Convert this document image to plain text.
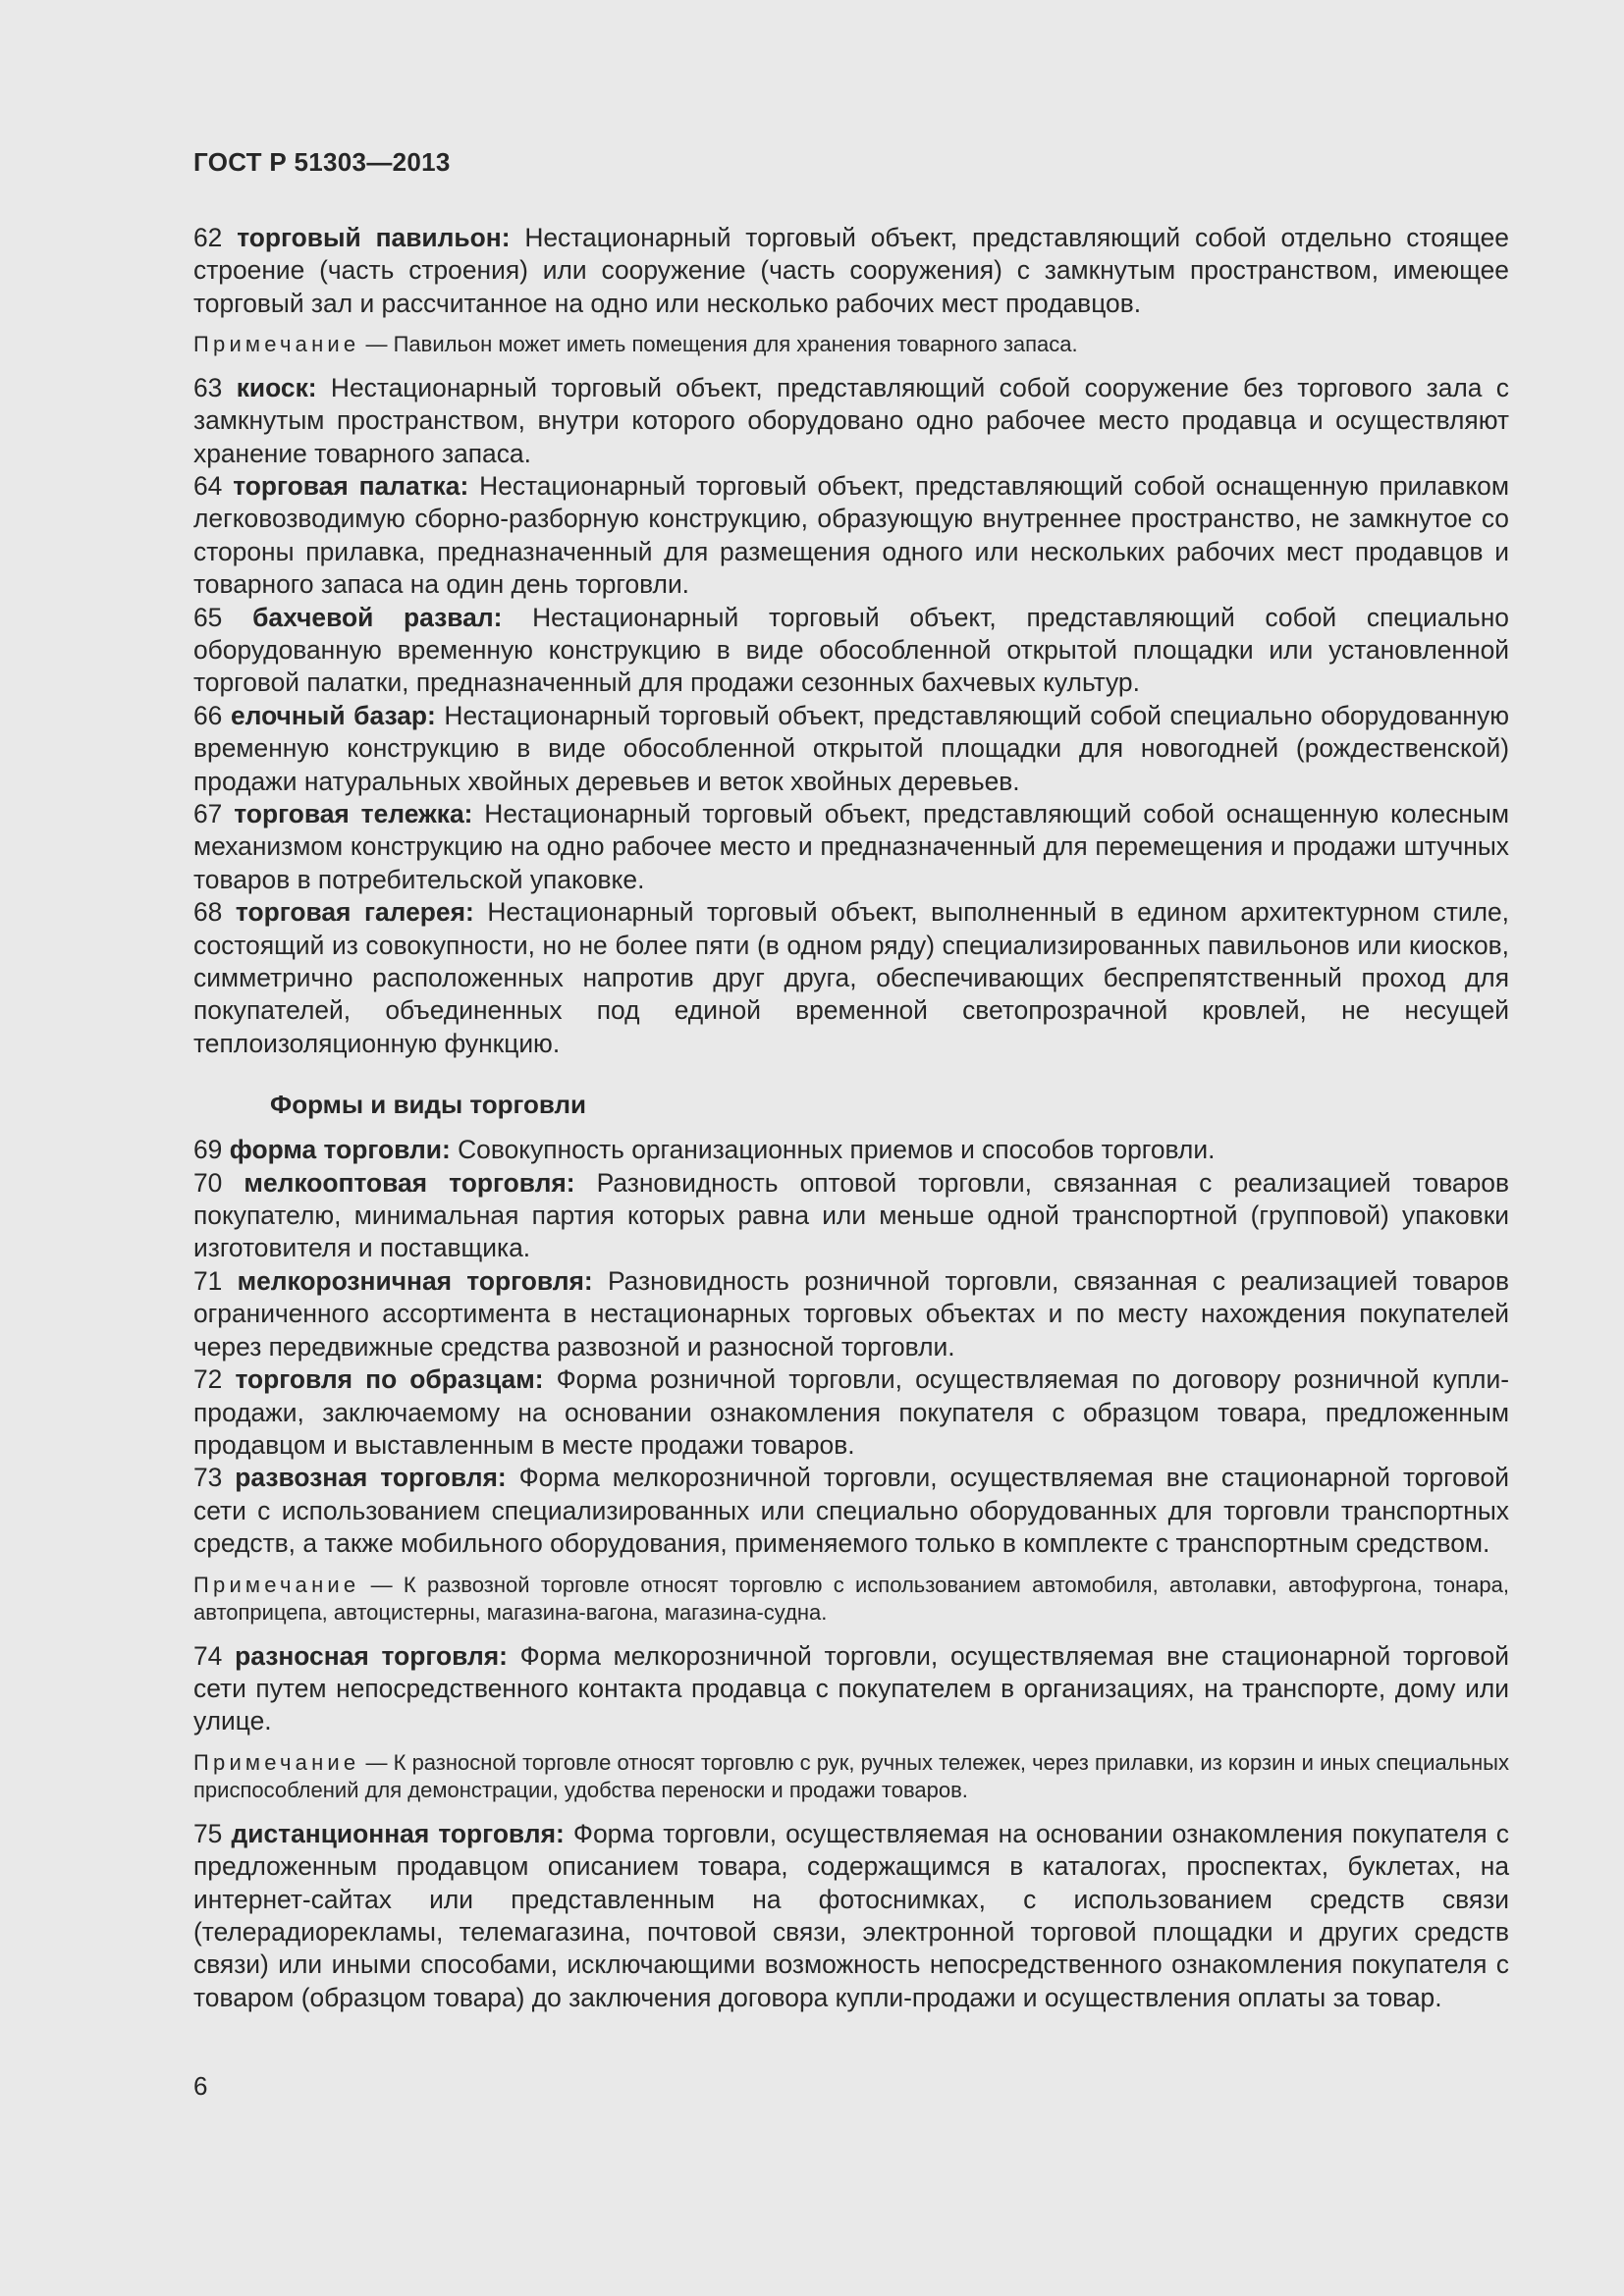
ГОСТ Р 51303—2013

62 торговый павильон: Нестационарный торговый объект, представляющий собой отдельно стоящее строение (часть строения) или сооружение (часть сооружения) с замкнутым пространством, имеющее торговый зал и рассчитанное на одно или несколько рабочих мест продавцов.

Примечание — Павильон может иметь помещения для хранения товарного запаса.

63 киоск: Нестационарный торговый объект, представляющий собой сооружение без торгового зала с замкнутым пространством, внутри которого оборудовано одно рабочее место продавца и осуществляют хранение товарного запаса.

64 торговая палатка: Нестационарный торговый объект, представляющий собой оснащенную прилавком легковозводимую сборно-разборную конструкцию, образующую внутреннее пространство, не замкнутое со стороны прилавка, предназначенный для размещения одного или нескольких рабочих мест продавцов и товарного запаса на один день торговли.

65 бахчевой развал: Нестационарный торговый объект, представляющий собой специально оборудованную временную конструкцию в виде обособленной открытой площадки или установленной торговой палатки, предназначенный для продажи сезонных бахчевых культур.

66 елочный базар: Нестационарный торговый объект, представляющий собой специально оборудованную временную конструкцию в виде обособленной открытой площадки для новогодней (рождественской) продажи натуральных хвойных деревьев и веток хвойных деревьев.

67 торговая тележка: Нестационарный торговый объект, представляющий собой оснащенную колесным механизмом конструкцию на одно рабочее место и предназначенный для перемещения и продажи штучных товаров в потребительской упаковке.

68 торговая галерея: Нестационарный торговый объект, выполненный в едином архитектурном стиле, состоящий из совокупности, но не более пяти (в одном ряду) специализированных павильонов или киосков, симметрично расположенных напротив друг друга, обеспечивающих беспрепятственный проход для покупателей, объединенных под единой временной светопрозрачной кровлей, не несущей теплоизоляционную функцию.

Формы и виды торговли

69 форма торговли: Совокупность организационных приемов и способов торговли.

70 мелкооптовая торговля: Разновидность оптовой торговли, связанная с реализацией товаров покупателю, минимальная партия которых равна или меньше одной транспортной (групповой) упаковки изготовителя и поставщика.

71 мелкорозничная торговля: Разновидность розничной торговли, связанная с реализацией товаров ограниченного ассортимента в нестационарных торговых объектах и по месту нахождения покупателей через передвижные средства развозной и разносной торговли.

72 торговля по образцам: Форма розничной торговли, осуществляемая по договору розничной купли-продажи, заключаемому на основании ознакомления покупателя с образцом товара, предложенным продавцом и выставленным в месте продажи товаров.

73 развозная торговля: Форма мелкорозничной торговли, осуществляемая вне стационарной торговой сети с использованием специализированных или специально оборудованных для торговли транспортных средств, а также мобильного оборудования, применяемого только в комплекте с транспортным средством.

Примечание — К развозной торговле относят торговлю с использованием автомобиля, автолавки, автофургона, тонара, автоприцепа, автоцистерны, магазина-вагона, магазина-судна.

74 разносная торговля: Форма мелкорозничной торговли, осуществляемая вне стационарной торговой сети путем непосредственного контакта продавца с покупателем в организациях, на транспорте, дому или улице.

Примечание — К разносной торговле относят торговлю с рук, ручных тележек, через прилавки, из корзин и иных специальных приспособлений для демонстрации, удобства переноски и продажи товаров.

75 дистанционная торговля: Форма торговли, осуществляемая на основании ознакомления покупателя с предложенным продавцом описанием товара, содержащимся в каталогах, проспектах, буклетах, на интернет-сайтах или представленным на фотоснимках, с использованием средств связи (телерадиорекламы, телемагазина, почтовой связи, электронной торговой площадки и других средств связи) или иными способами, исключающими возможность непосредственного ознакомления покупателя с товаром (образцом товара) до заключения договора купли-продажи и осуществления оплаты за товар.

6
